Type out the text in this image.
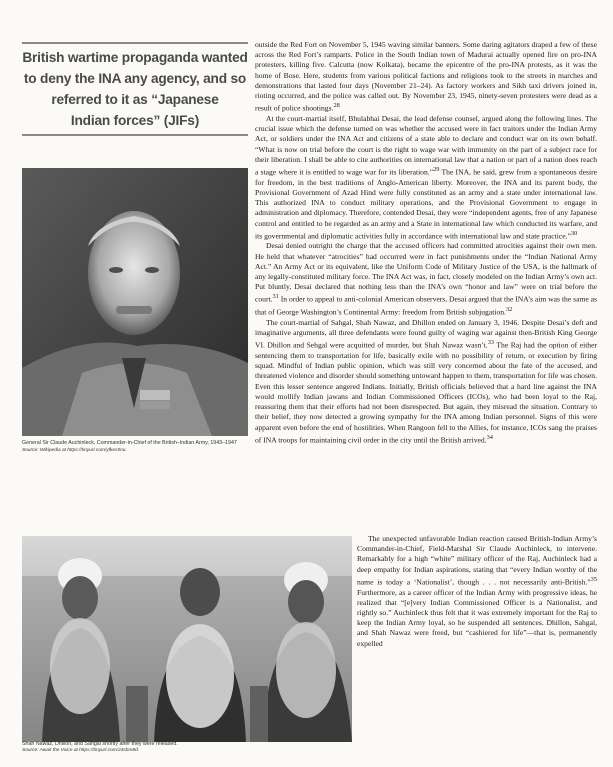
British wartime propaganda wanted
to deny the INA any agency, and so
referred to it as “Japanese
Indian forces” (JIFs)
General Sir Claude Auchinleck, Commander-in-Chief of the British–Indian Army, 1943–1947 Source: Wikipedia at https://tinyurl.com/yfkes5nu.
Shah Nawaz, Dhillon, and Sahgal shortly after they were released.
Source: Await the Voice at https://tinyurl.com/24sbm8d.

outside the Red Fort on November 5, 1945 waving similar banners. Some daring agitators draped a few of these across the Red Fort’s ramparts. Police in the South Indian town of Madurai actually opened fire on pro-INA protesters, killing five. Calcutta (now Kolkata), became the epicentre of the pro-INA protests, as it was the home of Bose. Here, students from various political factions and religions took to the streets in marches and demonstrations that lasted four days (November 21–24). As factory workers and Sikh taxi drivers joined in, rioting occurred, and the police was called out. By November 23, 1945, ninety-seven protesters were dead as a result of police shootings.$^{28}$

At the court-martial itself, Bhulabhai Desai, the lead defense counsel, argued along the following lines. The crucial issue which the defense turned on was whether the accused were in fact traitors under the Indian Army Act, or soldiers under the INA Act and citizens of a state able to declare and conduct war on its own behalf. “What is now on trial before the court is the right to wage war with immunity on the part of a subject race for their liberation. I shall be able to cite authorities on international law that a nation or part of a nation does reach a stage where it is entitled to wage war for its liberation.”$^{29}$ The INA, he said, grew from a spontaneous desire for freedom, in the best traditions of Anglo-American liberty. Moreover, the INA and its parent body, the Provisional Government of Azad Hind were fully constituted as an army and a state under international law. This authorized INA to conduct military operations, and the Provisional Government to engage in administration and diplomacy. Therefore, contended Desai, they were “independent agents, free of any Japanese control and entitled to be regarded as an army and a State in international law which conducted its warfare, and its governmental and diplomatic activities fully in accordance with international law and state practice.”$^{30}$

Desai denied outright the charge that the accused officers had committed atrocities against their own men. He held that whatever “atrocities” had occurred were in fact punishments under the “Indian National Army Act.” An Army Act or its equivalent, like the Uniform Code of Military Justice of the USA, is the hallmark of any legally-constituted military force. The INA Act was, in fact, closely modeled on the Indian Army’s own act. Put bluntly, Desai declared that nothing less than the INA’s own “honor and law” were on trial before the court.$^{31}$ In order to appeal to anti-colonial American observers, Desai argued that the INA’s aim was the same as that of George Washington’s Continental Army: freedom from British subjugation.$^{32}$

The court-martial of Sahgal, Shah Nawaz, and Dhillon ended on January 3, 1946. Despite Desai’s deft and imaginative arguments, all three defendants were found guilty of waging war against then-British King George VI. Dhillon and Sehgal were acquitted of murder, but Shah Nawaz wasn’t.$^{33}$ The Raj had the option of either sentencing them to transportation for life, basically exile with no possibility of return, or execution by firing squad. Mindful of Indian public opinion, which was still very concerned about the fate of the accused, and threatened violence and disorder should something untoward happen to them, transportation for life was chosen. Even this lesser sentence angered Indians. Initially, British officials believed that a hard line against the INA would mollify Indian jawans and Indian Commissioned Officers (ICOs), who had been loyal to the Raj, reassuring them that their efforts had not been disrespected. But again, they misread the situation. Contrary to their belief, they now detected a growing sympathy for the INA among Indian personnel. Signs of this were apparent even before the end of hostilities. When Rangoon fell to the Allies, for instance, ICOs sang the praises of INA troops for maintaining civil order in the city until the British arrived.$^{34}$

The unexpected unfavorable Indian reaction caused British-Indian Army’s Commander-in-Chief, Field-Marshal Sir Claude Auchinleck, to intervene. Remarkably for a high “white” military officer of the Raj, Auchinleck had a deep empathy for Indian aspirations, stating that “every Indian worthy of the name is today a ‘Nationalist’, though . . . not necessarily anti-British.”$^{35}$ Furthermore, as a career officer of the Indian Army with progressive ideas, he realized that “[e]very Indian Commissioned Officer is a Nationalist, and rightly so.” Auchinleck thus felt that it was extremely important for the Raj to keep the Indian Army loyal, so he suspended all sentences. Dhillon, Sahgal, and Shah Nawaz were freed, but “cashiered for life”—that is, permanently expelled
